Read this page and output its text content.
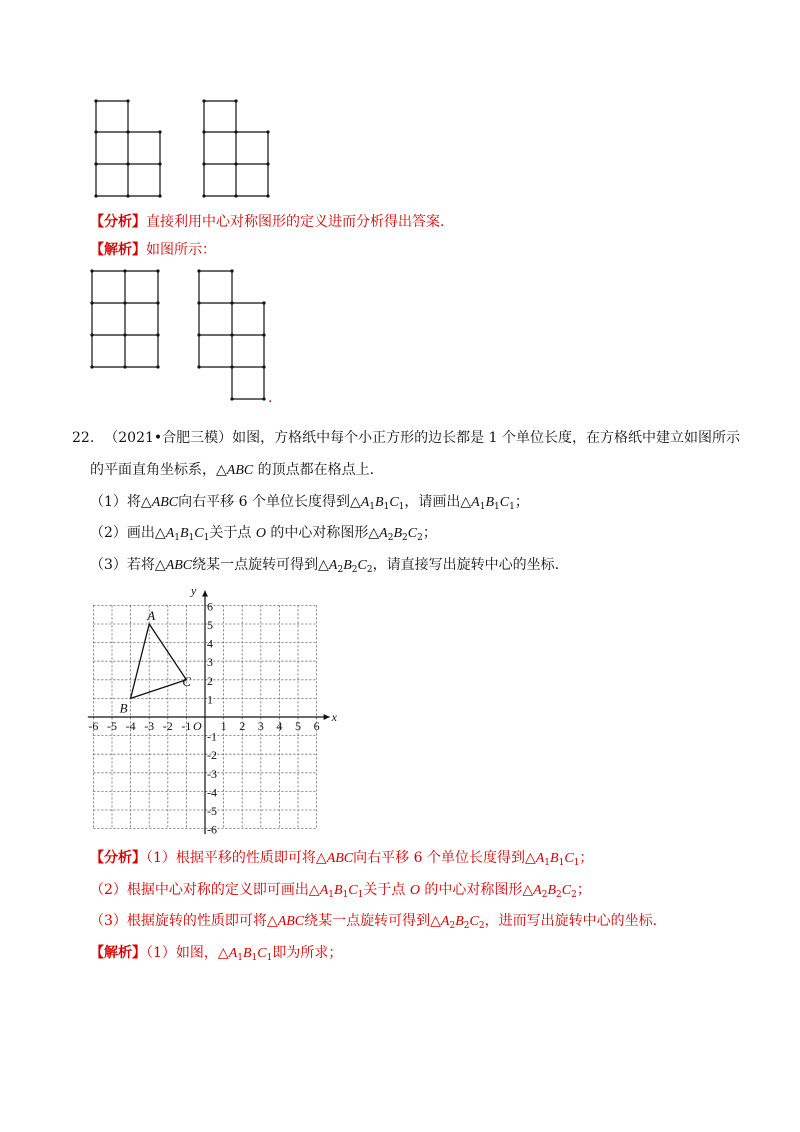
【分析】直接利用中心对称图形的定义进而分析得出答案.
【解析】如图所示：
.
22. （2021•合肥三模）如图，方格纸中每个小正方形的边长都是 1 个单位长度，在方格纸中建立如图所示
的平面直角坐标系，△ABC 的顶点都在格点上.
（1）将△ABC向右平移 6 个单位长度得到$\triangle A_1B_1C_1$，请画出$\triangle A_1B_1C_1$；
（2）画出$\triangle A_1B_1C_1$关于点 O 的中心对称图形$\triangle A_2B_2C_2$；
（3）若将△ABC绕某一点旋转可得到$\triangle A_2B_2C_2$，请直接写出旋转中心的坐标.
x
y
O
-6 -5 -4 -3 -2 -1 1 2 3 4 5 6
6
5
4
3
2
1
-1
-2
-3
-4
-5
-6
A
B
C
【分析】（1）根据平移的性质即可将△ABC向右平移 6 个单位长度得到$\triangle A_1B_1C_1$；
（2）根据中心对称的定义即可画出$\triangle A_1B_1C_1$关于点 O 的中心对称图形$\triangle A_2B_2C_2$；
（3）根据旋转的性质即可将△ABC绕某一点旋转可得到$\triangle A_2B_2C_2$，进而写出旋转中心的坐标.
【解析】（1）如图，$\triangle A_1B_1C_1$即为所求；
